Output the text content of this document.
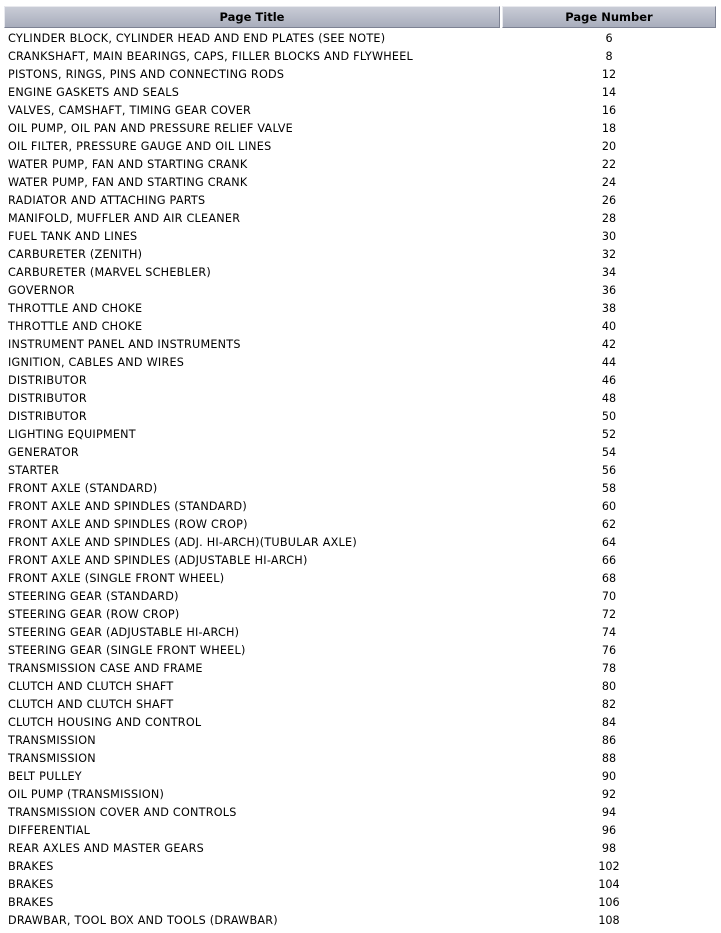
Page Title	Page Number
CYLINDER BLOCK, CYLINDER HEAD AND END PLATES (SEE NOTE)	6
CRANKSHAFT, MAIN BEARINGS, CAPS, FILLER BLOCKS AND FLYWHEEL	8
PISTONS, RINGS, PINS AND CONNECTING RODS	12
ENGINE GASKETS AND SEALS	14
VALVES, CAMSHAFT, TIMING GEAR COVER	16
OIL PUMP, OIL PAN AND PRESSURE RELIEF VALVE	18
OIL FILTER, PRESSURE GAUGE AND OIL LINES	20
WATER PUMP, FAN AND STARTING CRANK	22
WATER PUMP, FAN AND STARTING CRANK	24
RADIATOR AND ATTACHING PARTS	26
MANIFOLD, MUFFLER AND AIR CLEANER	28
FUEL TANK AND LINES	30
CARBURETER (ZENITH)	32
CARBURETER (MARVEL SCHEBLER)	34
GOVERNOR	36
THROTTLE AND CHOKE	38
THROTTLE AND CHOKE	40
INSTRUMENT PANEL AND INSTRUMENTS	42
IGNITION, CABLES AND WIRES	44
DISTRIBUTOR	46
DISTRIBUTOR	48
DISTRIBUTOR	50
LIGHTING EQUIPMENT	52
GENERATOR	54
STARTER	56
FRONT AXLE (STANDARD)	58
FRONT AXLE AND SPINDLES (STANDARD)	60
FRONT AXLE AND SPINDLES (ROW CROP)	62
FRONT AXLE AND SPINDLES (ADJ. HI-ARCH)(TUBULAR AXLE)	64
FRONT AXLE AND SPINDLES (ADJUSTABLE HI-ARCH)	66
FRONT AXLE (SINGLE FRONT WHEEL)	68
STEERING GEAR (STANDARD)	70
STEERING GEAR (ROW CROP)	72
STEERING GEAR (ADJUSTABLE HI-ARCH)	74
STEERING GEAR (SINGLE FRONT WHEEL)	76
TRANSMISSION CASE AND FRAME	78
CLUTCH AND CLUTCH SHAFT	80
CLUTCH AND CLUTCH SHAFT	82
CLUTCH HOUSING AND CONTROL	84
TRANSMISSION	86
TRANSMISSION	88
BELT PULLEY	90
OIL PUMP (TRANSMISSION)	92
TRANSMISSION COVER AND CONTROLS	94
DIFFERENTIAL	96
REAR AXLES AND MASTER GEARS	98
BRAKES	102
BRAKES	104
BRAKES	106
DRAWBAR, TOOL BOX AND TOOLS (DRAWBAR)	108
